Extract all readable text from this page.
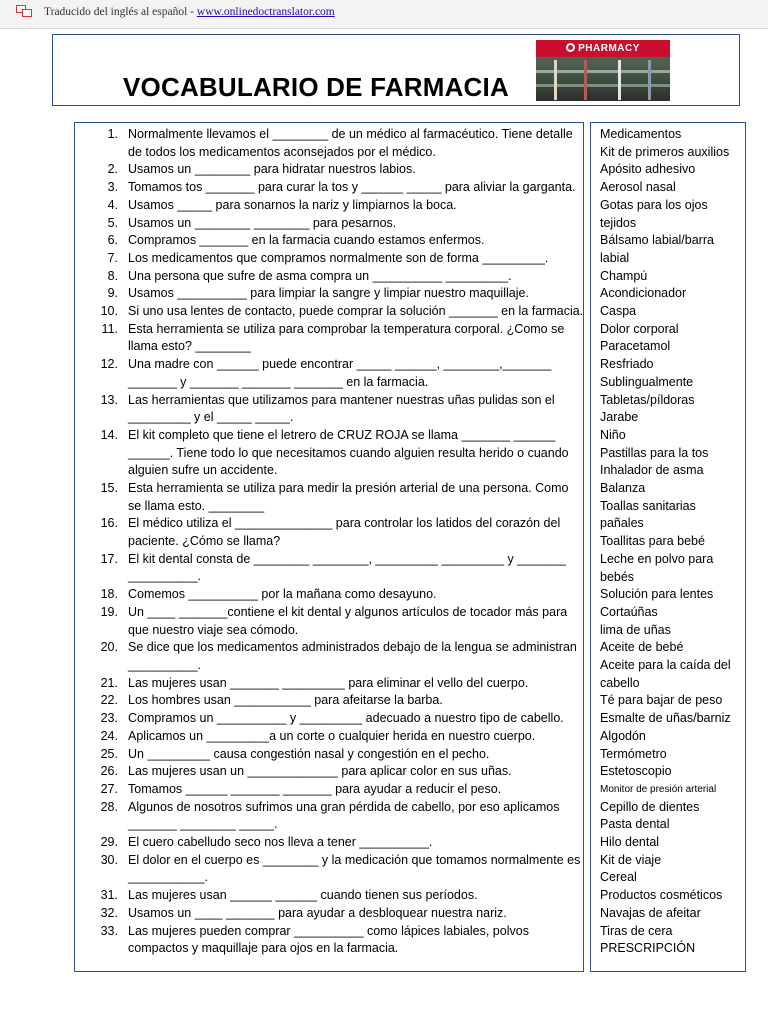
Traducido del inglés al español - www.onlinedoctranslator.com
VOCABULARIO DE FARMACIA
PHARMACY
1. Normalmente llevamos el ________ de un médico al farmacéutico. Tiene detalle
de todos los medicamentos aconsejados por el médico.
2. Usamos un ________ para hidratar nuestros labios.
3. Tomamos tos _______ para curar la tos y ______ _____ para aliviar la garganta.
4. Usamos _____ para sonarnos la nariz y limpiarnos la boca.
5. Usamos un ________ ________ para pesarnos.
6. Compramos _______ en la farmacia cuando estamos enfermos.
7. Los medicamentos que compramos normalmente son de forma _________.
8. Una persona que sufre de asma compra un __________ _________.
9. Usamos __________ para limpiar la sangre y limpiar nuestro maquillaje.
10. Si uno usa lentes de contacto, puede comprar la solución _______ en la farmacia.
11. Esta herramienta se utiliza para comprobar la temperatura corporal. ¿Como se
llama esto? ________
12. Una madre con ______ puede encontrar _____ ______, ________,_______
_______ y _______ _______ _______ en la farmacia.
13. Las herramientas que utilizamos para mantener nuestras uñas pulidas son el
_________ y el _____ _____.
14. El kit completo que tiene el letrero de CRUZ ROJA se llama _______ ______
______. Tiene todo lo que necesitamos cuando alguien resulta herido o cuando
alguien sufre un accidente.
15. Esta herramienta se utiliza para medir la presión arterial de una persona. Como
se llama esto. ________
16. El médico utiliza el ______________ para controlar los latidos del corazón del
paciente. ¿Cómo se llama?
17. El kit dental consta de ________ ________, _________ _________ y _______
__________.
18. Comemos __________ por la mañana como desayuno.
19. Un ____ _______contiene el kit dental y algunos artículos de tocador más para
que nuestro viaje sea cómodo.
20. Se dice que los medicamentos administrados debajo de la lengua se administran
__________.
21. Las mujeres usan _______ _________ para eliminar el vello del cuerpo.
22. Los hombres usan ___________ para afeitarse la barba.
23. Compramos un __________ y _________ adecuado a nuestro tipo de cabello.
24. Aplicamos un _________a un corte o cualquier herida en nuestro cuerpo.
25. Un _________ causa congestión nasal y congestión en el pecho.
26. Las mujeres usan un _____________ para aplicar color en sus uñas.
27. Tomamos ______ _______ _______ para ayudar a reducir el peso.
28. Algunos de nosotros sufrimos una gran pérdida de cabello, por eso aplicamos
_______ ________ _____.
29. El cuero cabelludo seco nos lleva a tener __________.
30. El dolor en el cuerpo es ________ y la medicación que tomamos normalmente es
___________.
31. Las mujeres usan ______ ______ cuando tienen sus períodos.
32. Usamos un ____ _______ para ayudar a desbloquear nuestra nariz.
33. Las mujeres pueden comprar __________ como lápices labiales, polvos
compactos y maquillaje para ojos en la farmacia.
Medicamentos
Kit de primeros auxilios
Apósito adhesivo
Aerosol nasal
Gotas para los ojos
tejidos
Bálsamo labial/barra
labial
Champú
Acondicionador
Caspa
Dolor corporal
Paracetamol
Resfriado
Sublingualmente
Tabletas/píldoras
Jarabe
Niño
Pastillas para la tos
Inhalador de asma
Balanza
Toallas sanitarias
pañales
Toallitas para bebé
Leche en polvo para
bebés
Solución para lentes
Cortaúñas
lima de uñas
Aceite de bebé
Aceite para la caída del
cabello
Té para bajar de peso
Esmalte de uñas/barniz
Algodón
Termómetro
Estetoscopio
Monitor de presión arterial
Cepillo de dientes
Pasta dental
Hilo dental
Kit de viaje
Cereal
Productos cosméticos
Navajas de afeitar
Tiras de cera
PRESCRIPCIÓN
